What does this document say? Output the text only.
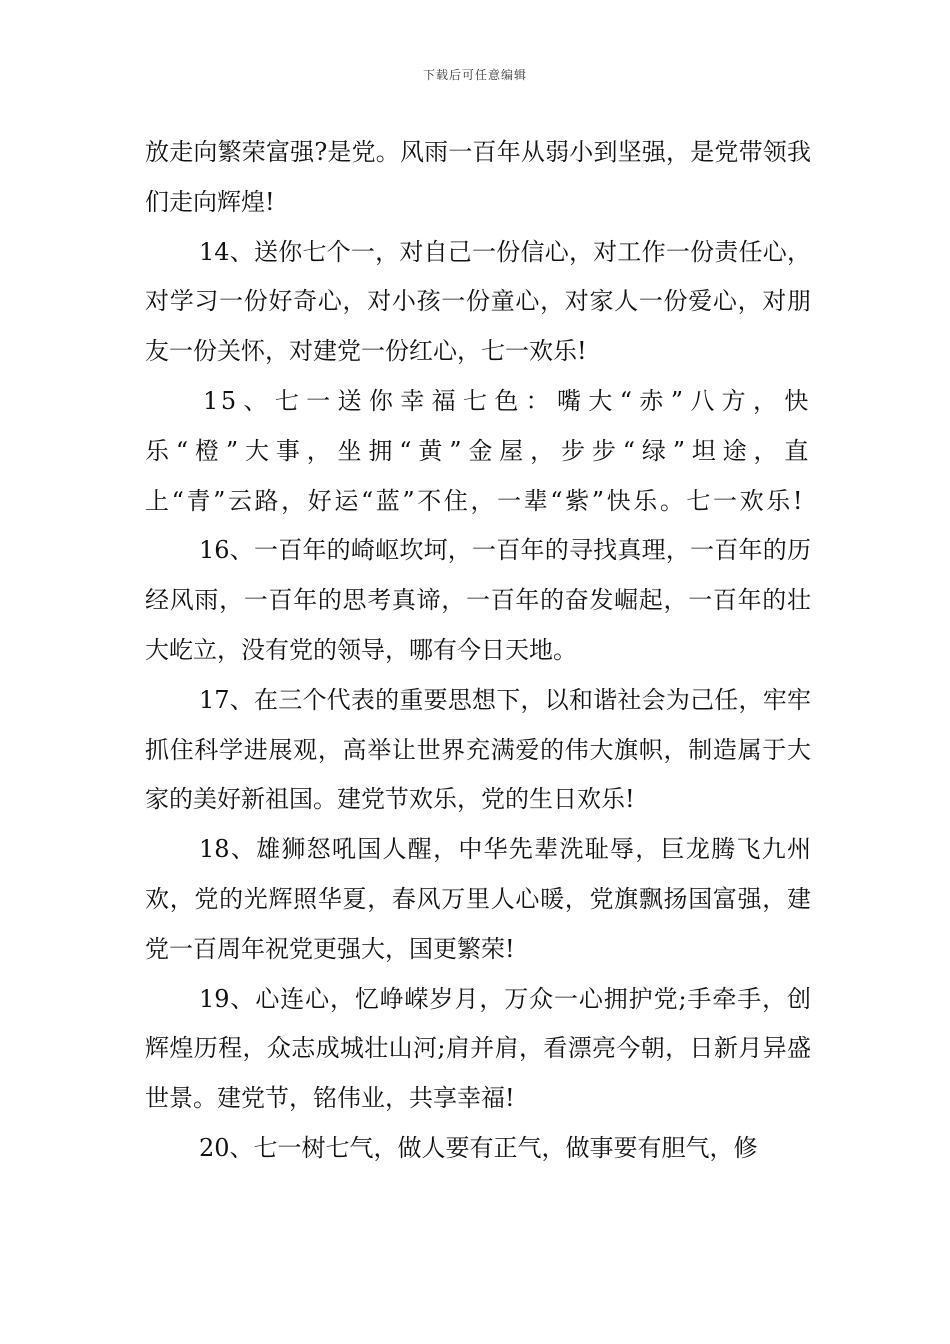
下载后可任意编辑

放走向繁荣富强?是党。风雨一百年从弱小到坚强，是党带领我们走向辉煌!

14、送你七个一，对自己一份信心，对工作一份责任心，对学习一份好奇心，对小孩一份童心，对家人一份爱心，对朋友一份关怀，对建党一份红心，七一欢乐!

15、七一送你幸福七色：嘴大“赤”八方，快乐“橙”大事，坐拥“黄”金屋，步步“绿”坦途，直上“青”云路，好运“蓝”不住，一辈“紫”快乐。七一欢乐!

16、一百年的崎岖坎坷，一百年的寻找真理，一百年的历经风雨，一百年的思考真谛，一百年的奋发崛起，一百年的壮大屹立，没有党的领导，哪有今日天地。

17、在三个代表的重要思想下，以和谐社会为己任，牢牢抓住科学进展观，高举让世界充满爱的伟大旗帜，制造属于大家的美好新祖国。建党节欢乐，党的生日欢乐!

18、雄狮怒吼国人醒，中华先辈洗耻辱，巨龙腾飞九州欢，党的光辉照华夏，春风万里人心暖，党旗飘扬国富强，建党一百周年祝党更强大，国更繁荣!

19、心连心，忆峥嵘岁月，万众一心拥护党;手牵手，创辉煌历程，众志成城壮山河;肩并肩，看漂亮今朝，日新月异盛世景。建党节，铭伟业，共享幸福!

20、七一树七气，做人要有正气，做事要有胆气，修
